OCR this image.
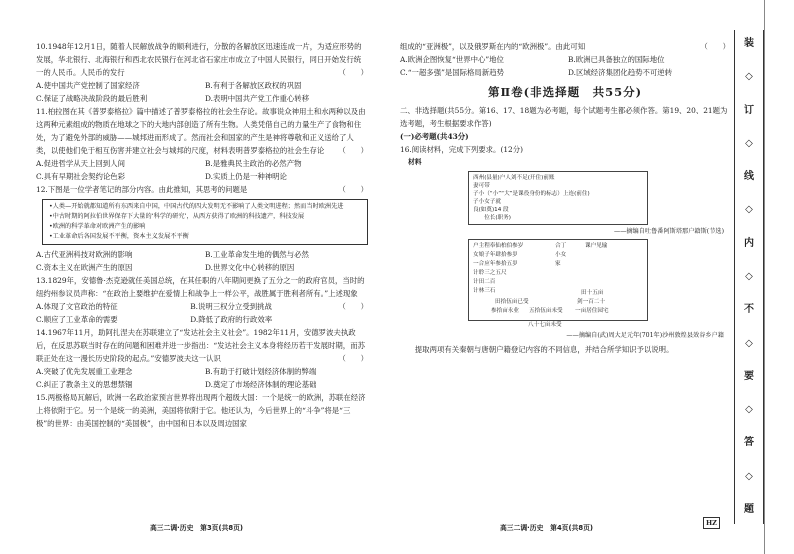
10.1948年12月1日，随着人民解放战争的顺利进行，分散的各解放区迅速连成一片，为适应形势的发展，华北银行、北海银行和西北农民银行在河北省石家庄市成立了中国人民银行，同日开始发行统一的人民币。人民币的发行	（　　）

A.使中国共产党控制了国家经济	B.有利于各解放区政权的巩固
C.保证了战略决战阶段的最后胜利	D.表明中国共产党工作重心转移

11.柏拉图在其《普罗泰格拉》篇中描述了普罗泰格拉的社会生存论。故事说众神用土和水两种以及由这两种元素组成的物质在地球之下的大地内部创造了所有生物。人类凭借自己的力量生产了食物和住处，为了避免外部的威胁——城邦进而形成了。然而社会和国家的产生是神将尊敬和正义送给了人类，以使他们免于相互伤害并建立社会与城邦的尺度，材料表明普罗泰格拉的社会生存论 （　　）

A.促进哲学从天上回到人间	B.是雅典民主政治的必然产物
C.具有早期社会契约论色彩	D.实质上仍是一种神明论

12.下图是一位学者笔记的部分内容。由此推知，其思考的问题是	（　　）

•人类—开始就都知道所有东西来自中国，中国古代的四大发明无不影响了人类文明进程；然而当时欧洲先进
•中古时期的阿拉伯世界保存下大量的‘科学的研究’，从西方获得了欧洲的科技遗产，科技发展
•欧洲的科学革命对欧洲产生的影响
•工业革命后各国发展不平衡，资本主义发展不平衡
A.古代亚洲科技对欧洲的影响	B.工业革命发生地的偶然与必然
C.资本主义在欧洲产生的原因	D.世界文化中心转移的原因

13.1829年，安德鲁·杰克逊就任美国总统，在其任职的八年期间更换了五分之一的政府官员，当时的纽约州参议员声称：“在政治上要维护在爱情上和战争上一样公平，战胜属于胜利者所有。”上述现象
（　　）

A.体现了文官政治的特征	B.说明三权分立受到挑战
C.顺应了工业革命的需要	D.降低了政府的行政效率

14.1967年11月，助阿扎涅夫在苏联建立了“发达社会主义社会”。1982年11月，安德罗波夫执政后，在反思苏联当时存在的问题和困难并进一步指出：“发达社会主义本身将经历若干发展时期，而苏联正处在这一漫长历史阶段的起点。”安德罗波夫这一认识	（　　）

A.突破了优先发展重工业理念	B.有助于打破计划经济体制的弊端
C.纠正了教条主义的思想禁锢	D.奠定了市场经济体制的理论基础

15.两极格局瓦解后，欧洲一名政治家预言世界将出现两个超级大国：一个是统一的欧洲，苏联在经济上将依附于它。另一个是统一的美洲，美国将依附于它。他还认为，今后世界上的“斗争”将是“三极”的世界：由美国控制的“美国极”，由中国和日本以及周边国家

高三二调·历史　第3页(共8页)

组成的“亚洲极”，以及俄罗斯在内的“欧洲极”。由此可知	（　　）

A.欧洲企图恢复“世界中心”地位	B.欧洲已具备独立的国际地位
C.“一超多强”是国际格局新趋势	D.区域经济集团化趋势不可逆转
第Ⅱ卷(非选择题　共55分)

二、非选择题(共55分。第16、17、18题为必考题，每个试题考生都必须作答。第19、20、21题为选考题，考生根据要求作答)

(一)必考题(共43分)

16.阅读材料，完成下列要求。(12分)

材料
西州(县量)户人刘不足(开住)前账
妻可带
子小（“小”“大”是课役身份的标志）上连(前住)
子小女子就
良(如奠)14 段
　　位长(职务)
——摘编自吐鲁番阿斯塔那户籍斯(节选)
户主程奉仙柏伯参岁
女娘子年肆拾参岁
一合应年参拾五岁
计聆三之五尺
计田二百
计林三石
合丁
小女
家
课户见输
田拾伍亩已受
参拾亩永业 五拾伍亩未受
田十五亩
剑一百二十
一亩居住园宅
八十七亩未受
——摘编自(武)周大足元年(701年)沙州敦煌县效谷乡户籍

　　提取两项有关秦朝与唐朝户籍登记内容的不同信息，并结合所学知识予以说明。

高三二调·历史　第4页(共8页)
HZ
装
◇
订
◇
线
◇
内
◇
不
◇
要
◇
答
◇
题
